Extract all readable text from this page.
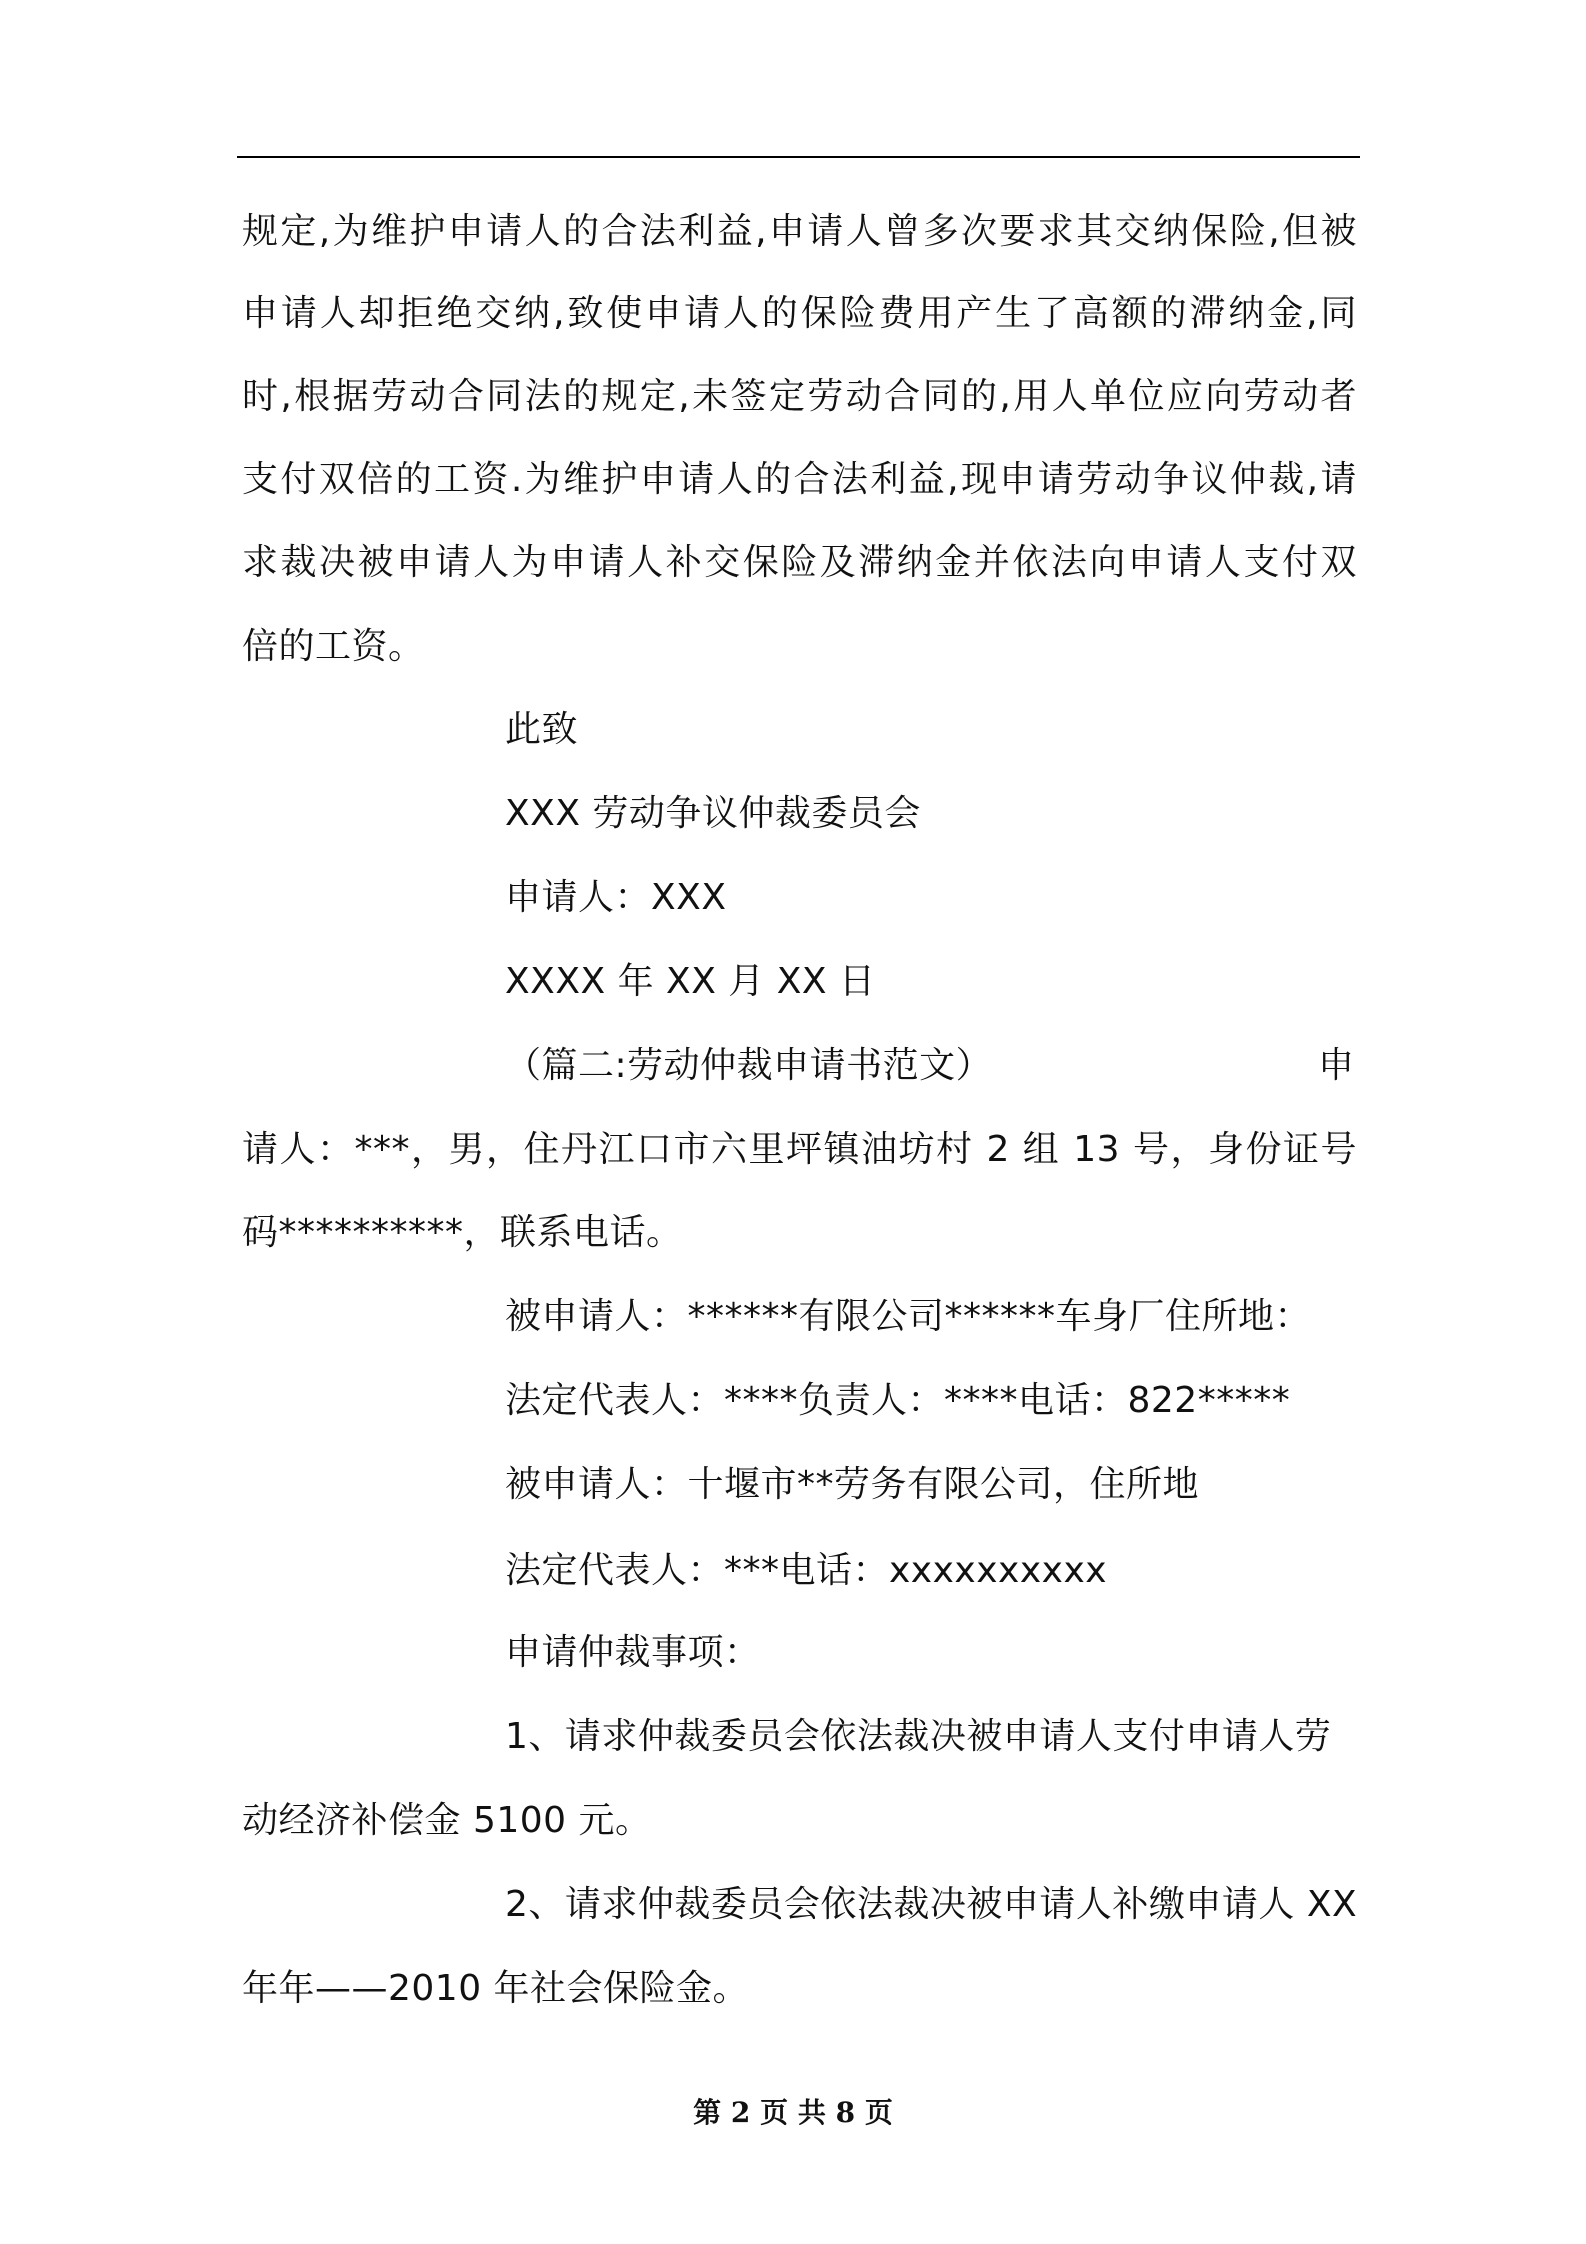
规定,为维护申请人的合法利益,申请人曾多次要求其交纳保险,但被
申请人却拒绝交纳,致使申请人的保险费用产生了高额的滞纳金,同
时,根据劳动合同法的规定,未签定劳动合同的,用人单位应向劳动者
支付双倍的工资.为维护申请人的合法利益,现申请劳动争议仲裁,请
求裁决被申请人为申请人补交保险及滞纳金并依法向申请人支付双
倍的工资。
此致
XXX 劳动争议仲裁委员会
申请人：XXX
XXXX 年 XX 月 XX 日
（篇二:劳动仲裁申请书范文）	申
请人：***，男，住丹江口市六里坪镇油坊村 2 组 13 号，身份证号
码**********，联系电话。
被申请人：******有限公司******车身厂住所地：
法定代表人：****负责人：****电话：822*****
被申请人：十堰市**劳务有限公司，住所地
法定代表人：***电话：xxxxxxxxxx
申请仲裁事项：
1、请求仲裁委员会依法裁决被申请人支付申请人劳
动经济补偿金 5100 元。
2、请求仲裁委员会依法裁决被申请人补缴申请人 XX
年年——2010 年社会保险金。
第 2 页 共 8 页
